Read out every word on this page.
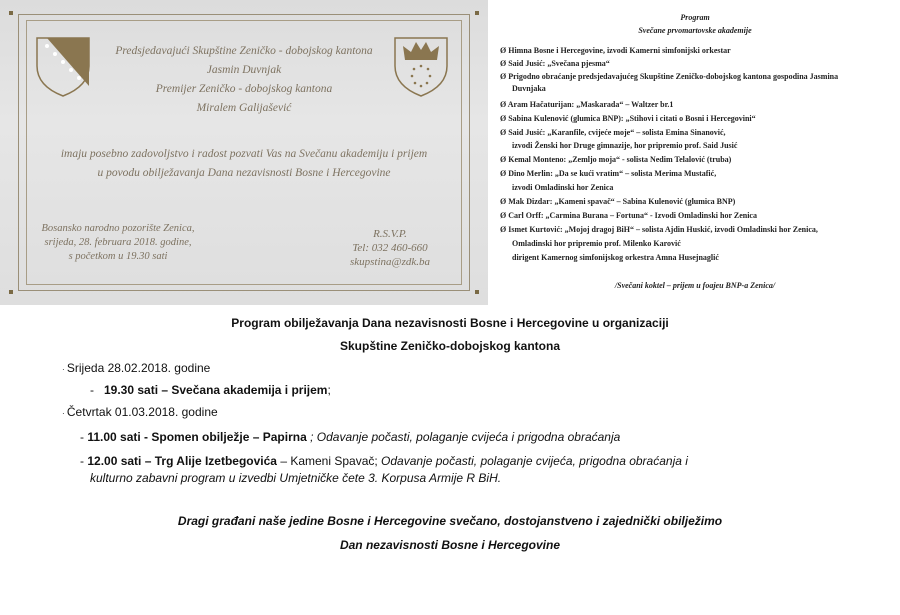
Predsjedavajući Skupštine Zeničko - dobojskog kantona
Jasmin Duvnjak
Premijer Zeničko - dobojskog kantona
Miralem Galijašević
imaju posebno zadovoljstvo i radost pozvati Vas na Svečanu akademiju i prijem
u povodu obilježavanja Dana nezavisnosti Bosne i Hercegovine
Bosansko narodno pozorište Zenica,
srijeda, 28. februara 2018. godine,
s početkom u 19.30 sati
R.S.V.P.
Tel: 032 460-660
skupstina@zdk.ba
Program
Svečane prvomartovske akademije
Ø Himna Bosne i Hercegovine, izvodi Kamerni simfonijski orkestar
Ø Said Jusić: „Svečana pjesma“
Ø Prigodno obraćanje predsjedavajućeg Skupštine Zeničko-dobojskog kantona gospodina Jasmina
Ø Aram Hačaturijan: „Maskarada“ – Waltzer br.1
Ø Sabina Kulenović (glumica BNP): „Stihovi i citati o Bosni i Hercegovini“
Ø Said Jusić: „Karanfile, cvijeće moje“ – solista Emina Sinanović,
Ø Kemal Monteno: „Zemljo moja“ - solista Nedim Telalović (truba)
Ø Dino Merlin: „Da se kući vratim“ – solista Merima Mustafić,
Ø Mak Dizdar: „Kameni spavač“ – Sabina Kulenović (glumica BNP)
Ø Carl Orff: „Carmina Burana – Fortuna“ - Izvodi Omladinski hor Zenica
Ø Ismet Kurtović: „Mojoj dragoj BiH“ – solista Ajdin Huskić, izvodi Omladinski hor Zenica,
Duvnjaka
izvodi Ženski hor Druge gimnazije, hor pripremio prof. Said Jusić
izvodi Omladinski hor Zenica
Omladinski hor pripremio prof. Milenko Karović
dirigent Kamernog simfonijskog orkestra Amna Husejnaglić
/Svečani koktel – prijem u foajeu BNP-a Zenica/
Program obilježavanja Dana nezavisnosti Bosne i Hercegovine u organizaciji
Skupštine Zeničko-dobojskog kantona
· Srijeda 28.02.2018. godine
-   19.30 sati – Svečana akademija i prijem;
· Četvrtak 01.03.2018. godine
- 11.00 sati - Spomen obilježje – Papirna ; Odavanje počasti, polaganje cvijeća i prigodna obraćanja
- 12.00 sati – Trg Alije Izetbegovića – Kameni Spavač; Odavanje počasti, polaganje cvijeća, prigodna obraćanja i
kulturno zabavni program u izvedbi Umjetničke čete 3. Korpusa Armije R BiH.
Dragi građani naše jedine Bosne i Hercegovine svečano, dostojanstveno i zajednički obilježimo
Dan nezavisnosti Bosne i Hercegovine
